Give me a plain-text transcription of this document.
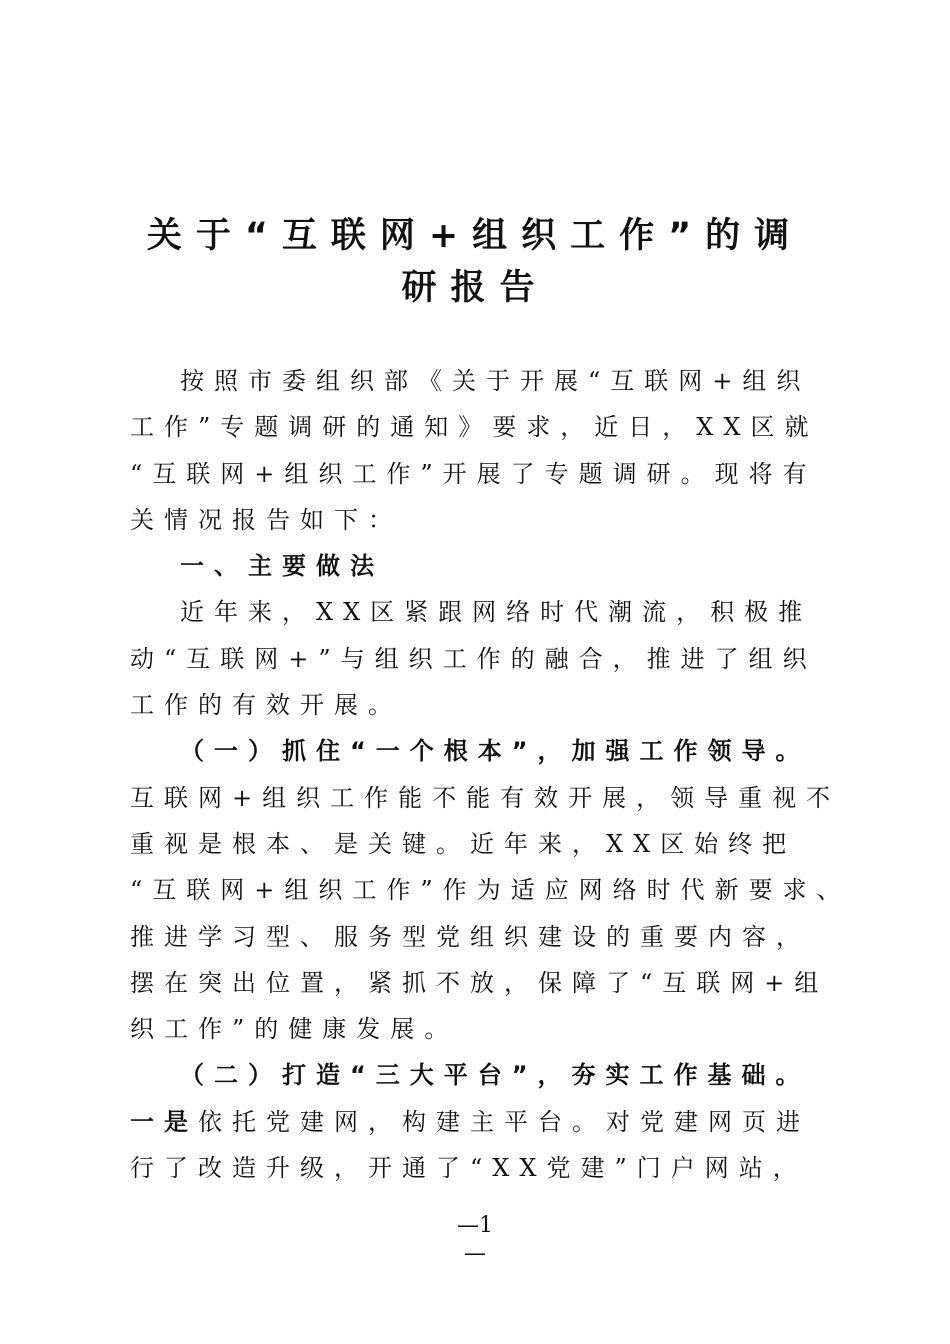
关于“互联网+组织工作”的调
研报告

按照市委组织部《关于开展“互联网+组织

工作”专题调研的通知》要求，近日，XX区就

“互联网+组织工作”开展了专题调研。现将有

关情况报告如下：

一、主要做法

近年来，XX区紧跟网络时代潮流，积极推

动“互联网+”与组织工作的融合，推进了组织

工作的有效开展。

（一）抓住“一个根本”，加强工作领导。

互联网+组织工作能不能有效开展，领导重视不

重视是根本、是关键。近年来，XX区始终把

“互联网+组织工作”作为适应网络时代新要求、

推进学习型、服务型党组织建设的重要内容，

摆在突出位置，紧抓不放，保障了“互联网+组

织工作”的健康发展。

（二）打造“三大平台”，夯实工作基础。

一是依托党建网，构建主平台。对党建网页进

行了改造升级，开通了“XX党建”门户网站，

—1
—
